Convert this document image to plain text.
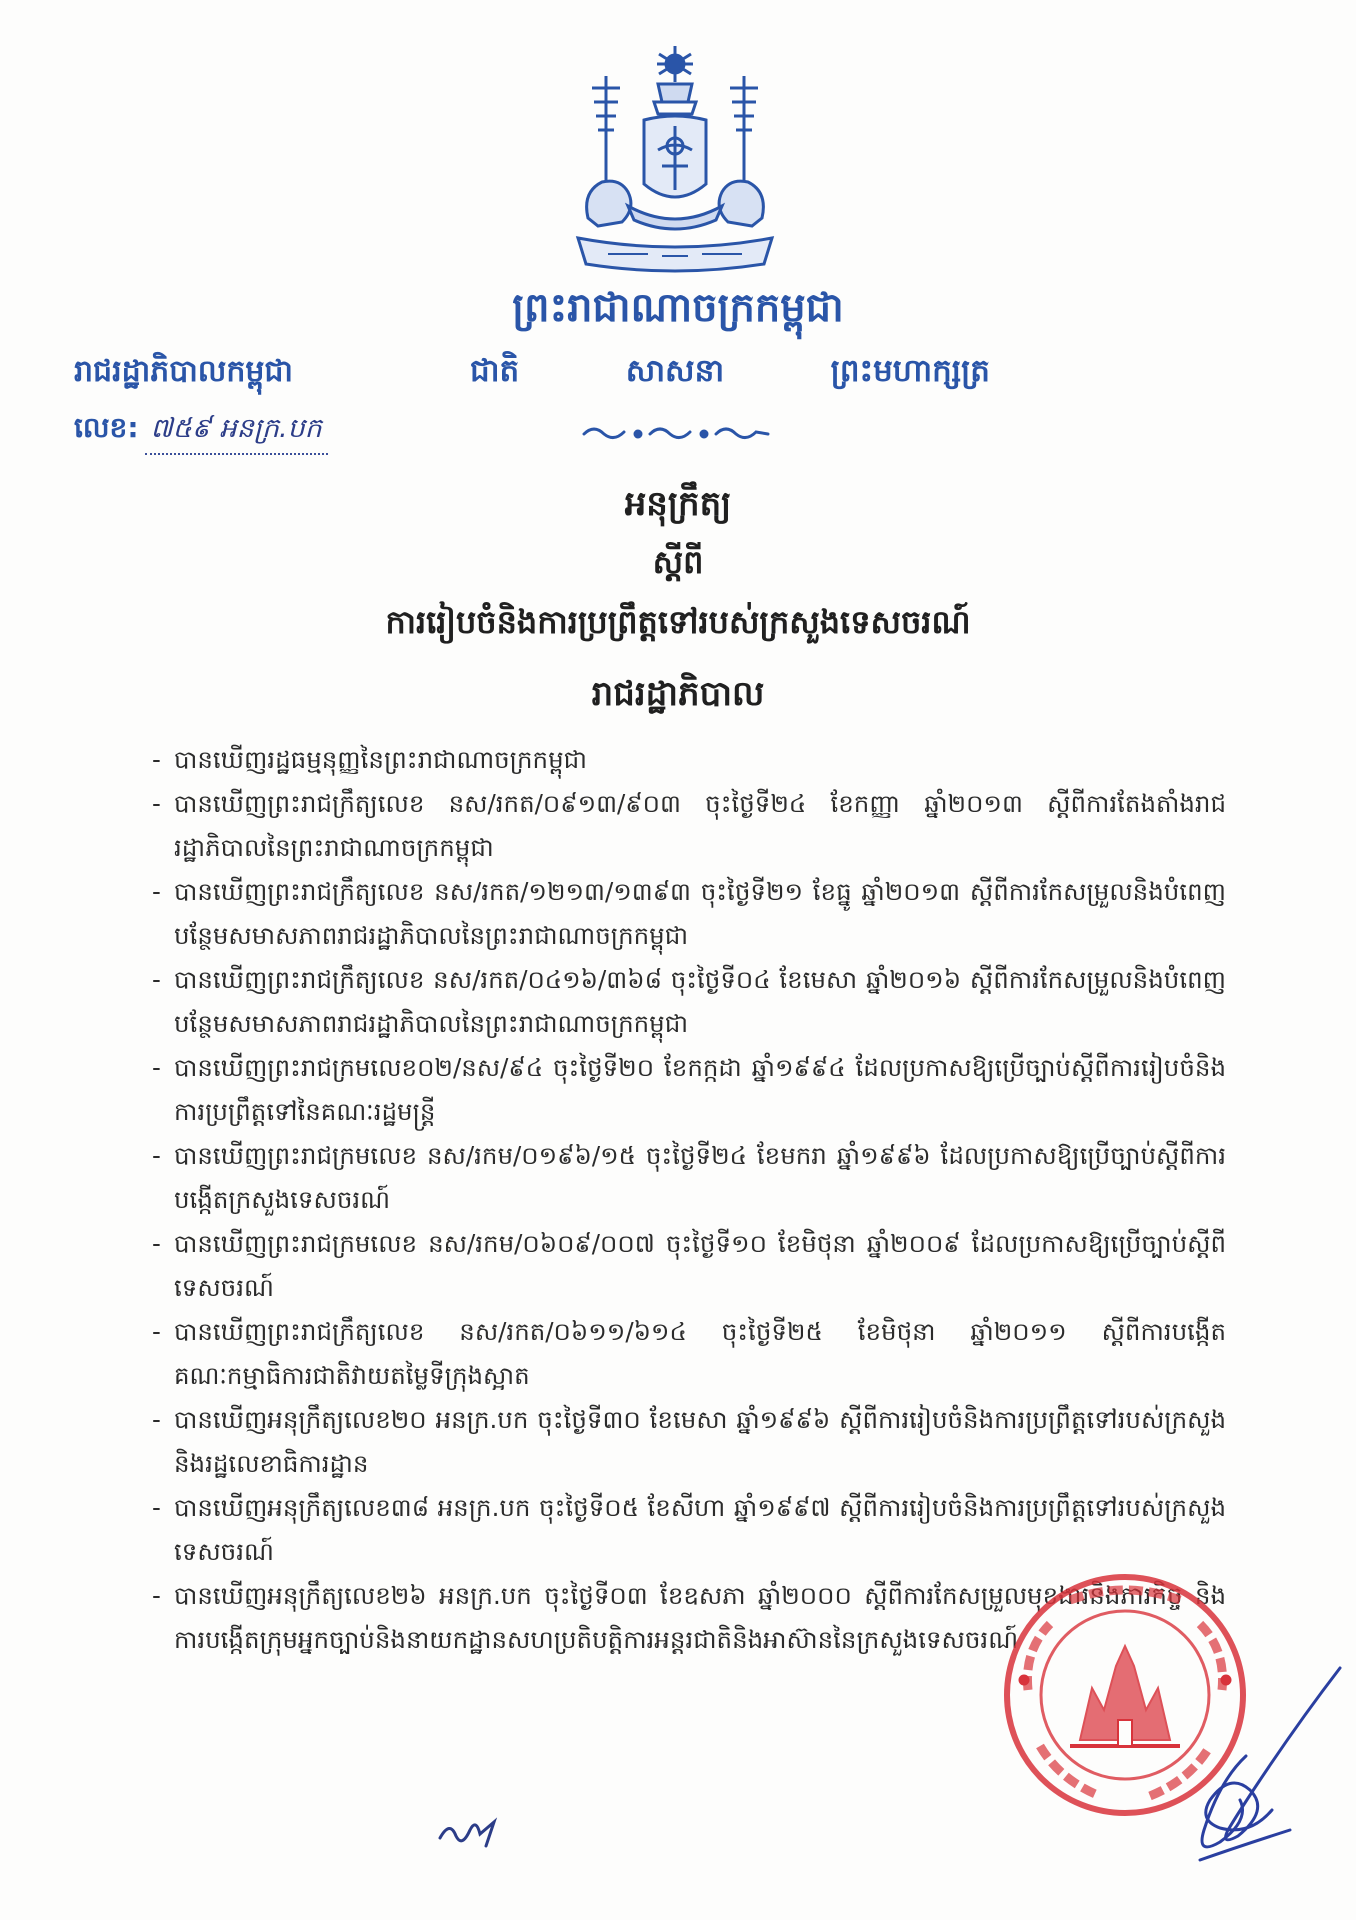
ព្រះរាជាណាចក្រកម្ពុជា
រាជរដ្ឋាភិបាលកម្ពុជា	ជាតិ	សាសនា	ព្រះមហាក្សត្រ
លេខ: ៧៥៩ អនក្រ.បក
អនុក្រឹត្យ
ស្ដីពី
ការរៀបចំនិងការប្រព្រឹត្តទៅរបស់ក្រសួងទេសចរណ៍
រាជរដ្ឋាភិបាល
- បានឃើញរដ្ឋធម្មនុញ្ញនៃព្រះរាជាណាចក្រកម្ពុជា
- បានឃើញព្រះរាជក្រឹត្យលេខ នស/រកត/០៩១៣/៩០៣ ចុះថ្ងៃទី២៤ ខែកញ្ញា ឆ្នាំ២០១៣ ស្ដីពីការតែងតាំងរាជរដ្ឋាភិបាលនៃព្រះរាជាណាចក្រកម្ពុជា
- បានឃើញព្រះរាជក្រឹត្យលេខ នស/រកត/១២១៣/១៣៩៣ ចុះថ្ងៃទី២១ ខែធ្នូ ឆ្នាំ២០១៣ ស្ដីពីការកែសម្រួលនិងបំពេញបន្ថែមសមាសភាពរាជរដ្ឋាភិបាលនៃព្រះរាជាណាចក្រកម្ពុជា
- បានឃើញព្រះរាជក្រឹត្យលេខ នស/រកត/០៤១៦/៣៦៨ ចុះថ្ងៃទី០៤ ខែមេសា ឆ្នាំ២០១៦ ស្ដីពីការកែសម្រួលនិងបំពេញបន្ថែមសមាសភាពរាជរដ្ឋាភិបាលនៃព្រះរាជាណាចក្រកម្ពុជា
- បានឃើញព្រះរាជក្រមលេខ០២/នស/៩៤ ចុះថ្ងៃទី២០ ខែកក្កដា ឆ្នាំ១៩៩៤ ដែលប្រកាសឱ្យប្រើច្បាប់ស្ដីពីការរៀបចំនិងការប្រព្រឹត្តទៅនៃគណៈរដ្ឋមន្ត្រី
- បានឃើញព្រះរាជក្រមលេខ នស/រកម/០១៩៦/១៥ ចុះថ្ងៃទី២៤ ខែមករា ឆ្នាំ១៩៩៦ ដែលប្រកាសឱ្យប្រើច្បាប់ស្ដីពីការបង្កើតក្រសួងទេសចរណ៍
- បានឃើញព្រះរាជក្រមលេខ នស/រកម/០៦០៩/០០៧ ចុះថ្ងៃទី១០ ខែមិថុនា ឆ្នាំ២០០៩ ដែលប្រកាសឱ្យប្រើច្បាប់ស្ដីពីទេសចរណ៍
- បានឃើញព្រះរាជក្រឹត្យលេខ នស/រកត/០៦១១/៦១៤ ចុះថ្ងៃទី២៥ ខែមិថុនា ឆ្នាំ២០១១ ស្ដីពីការបង្កើតគណៈកម្មាធិការជាតិវាយតម្លៃទីក្រុងស្អាត
- បានឃើញអនុក្រឹត្យលេខ២០ អនក្រ.បក ចុះថ្ងៃទី៣០ ខែមេសា ឆ្នាំ១៩៩៦ ស្ដីពីការរៀបចំនិងការប្រព្រឹត្តទៅរបស់ក្រសួងនិងរដ្ឋលេខាធិការដ្ឋាន
- បានឃើញអនុក្រឹត្យលេខ៣៨ អនក្រ.បក ចុះថ្ងៃទី០៥ ខែសីហា ឆ្នាំ១៩៩៧ ស្ដីពីការរៀបចំនិងការប្រព្រឹត្តទៅរបស់ក្រសួងទេសចរណ៍
- បានឃើញអនុក្រឹត្យលេខ២៦ អនក្រ.បក ចុះថ្ងៃទី០៣ ខែឧសភា ឆ្នាំ២០០០ ស្ដីពីការកែសម្រួលមុខងារនិងភារកិច្ច និងការបង្កើតក្រុមអ្នកច្បាប់និងនាយកដ្ឋានសហប្រតិបត្តិការអន្តរជាតិនិងអាស៊ាននៃក្រសួងទេសចរណ៍
